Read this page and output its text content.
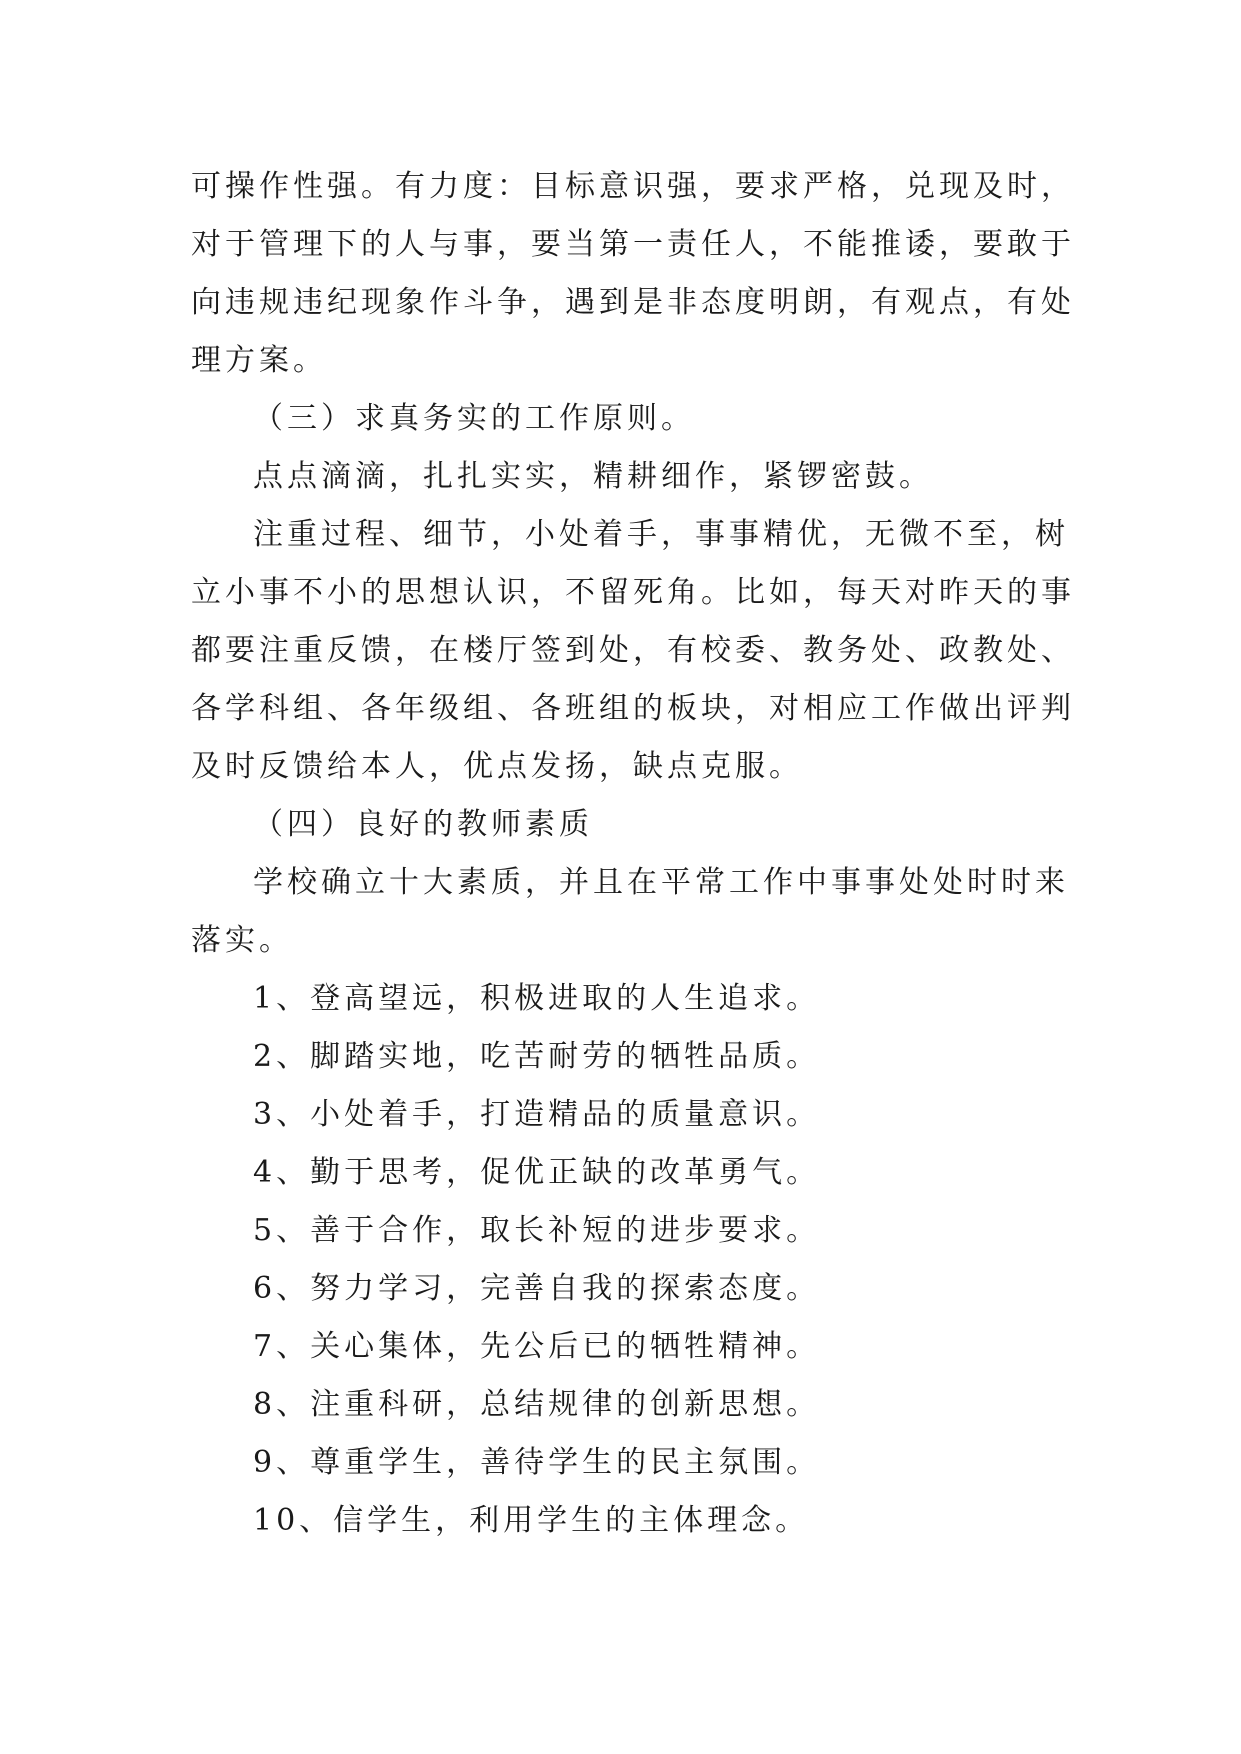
可操作性强。有力度：目标意识强，要求严格，兑现及时，
对于管理下的人与事，要当第一责任人，不能推诿，要敢于
向违规违纪现象作斗争，遇到是非态度明朗，有观点，有处
理方案。
（三）求真务实的工作原则。
点点滴滴，扎扎实实，精耕细作，紧锣密鼓。
注重过程、细节，小处着手，事事精优，无微不至，树
立小事不小的思想认识，不留死角。比如，每天对昨天的事
都要注重反馈，在楼厅签到处，有校委、教务处、政教处、
各学科组、各年级组、各班组的板块，对相应工作做出评判
及时反馈给本人，优点发扬，缺点克服。
（四）良好的教师素质
学校确立十大素质，并且在平常工作中事事处处时时来
落实。
1、登高望远，积极进取的人生追求。
2、脚踏实地，吃苦耐劳的牺牲品质。
3、小处着手，打造精品的质量意识。
4、勤于思考，促优正缺的改革勇气。
5、善于合作，取长补短的进步要求。
6、努力学习，完善自我的探索态度。
7、关心集体，先公后已的牺牲精神。
8、注重科研，总结规律的创新思想。
9、尊重学生，善待学生的民主氛围。
10、信学生，利用学生的主体理念。
